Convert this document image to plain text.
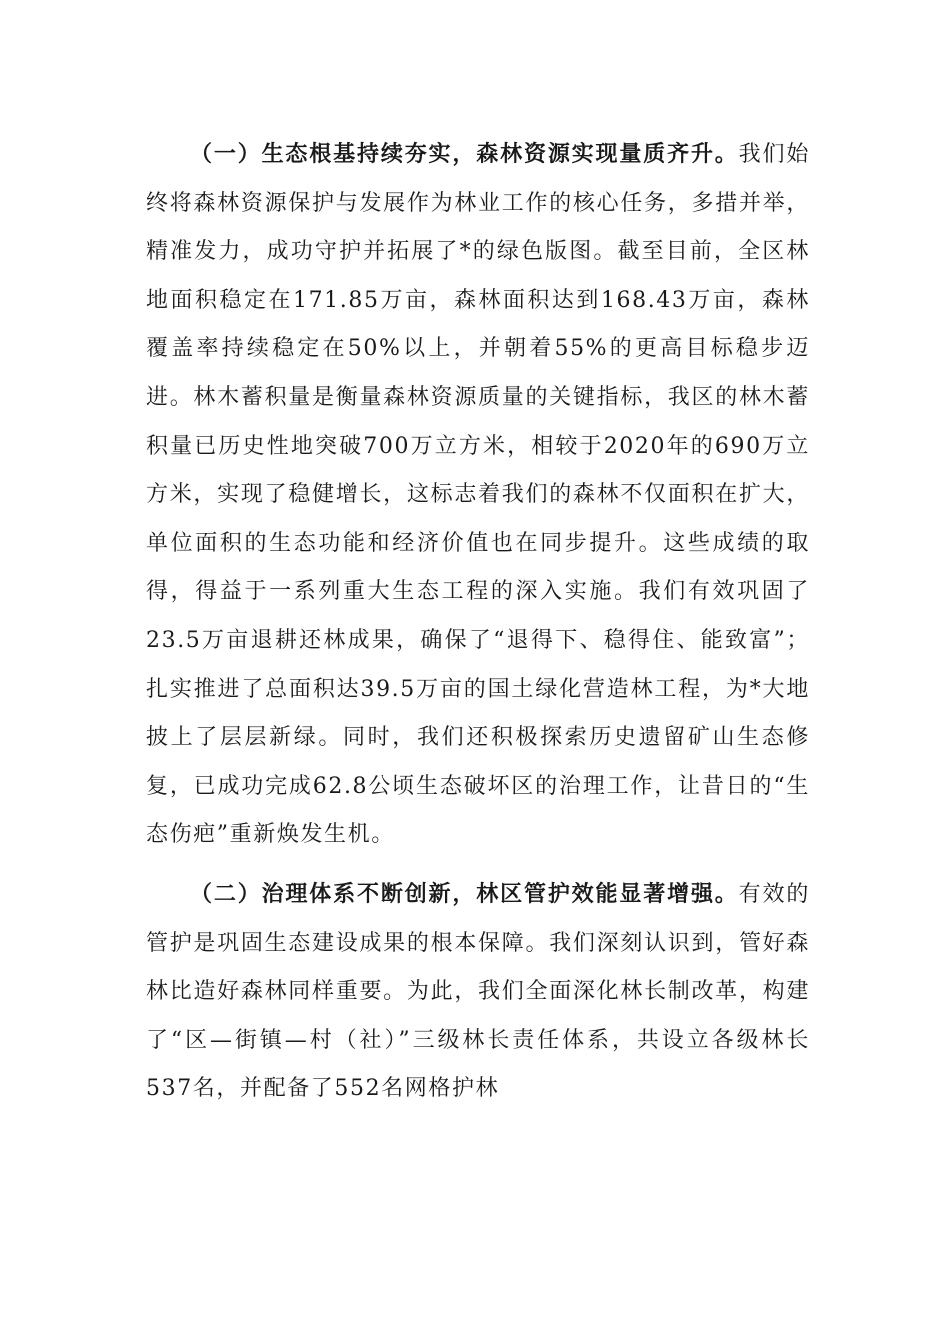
（一）生态根基持续夯实，森林资源实现量质齐升。我们始终将森林资源保护与发展作为林业工作的核心任务，多措并举，精准发力，成功守护并拓展了*的绿色版图。截至目前，全区林地面积稳定在171.85万亩，森林面积达到168.43万亩，森林覆盖率持续稳定在50%以上，并朝着55%的更高目标稳步迈进。林木蓄积量是衡量森林资源质量的关键指标，我区的林木蓄积量已历史性地突破700万立方米，相较于2020年的690万立方米，实现了稳健增长，这标志着我们的森林不仅面积在扩大，单位面积的生态功能和经济价值也在同步提升。这些成绩的取得，得益于一系列重大生态工程的深入实施。我们有效巩固了23.5万亩退耕还林成果，确保了“退得下、稳得住、能致富”；扎实推进了总面积达39.5万亩的国土绿化营造林工程，为*大地披上了层层新绿。同时，我们还积极探索历史遗留矿山生态修复，已成功完成62.8公顷生态破坏区的治理工作，让昔日的“生态伤疤”重新焕发生机。

（二）治理体系不断创新，林区管护效能显著增强。有效的管护是巩固生态建设成果的根本保障。我们深刻认识到，管好森林比造好森林同样重要。为此，我们全面深化林长制改革，构建了“区—街镇—村（社）”三级林长责任体系，共设立各级林长537名，并配备了552名网格护林
